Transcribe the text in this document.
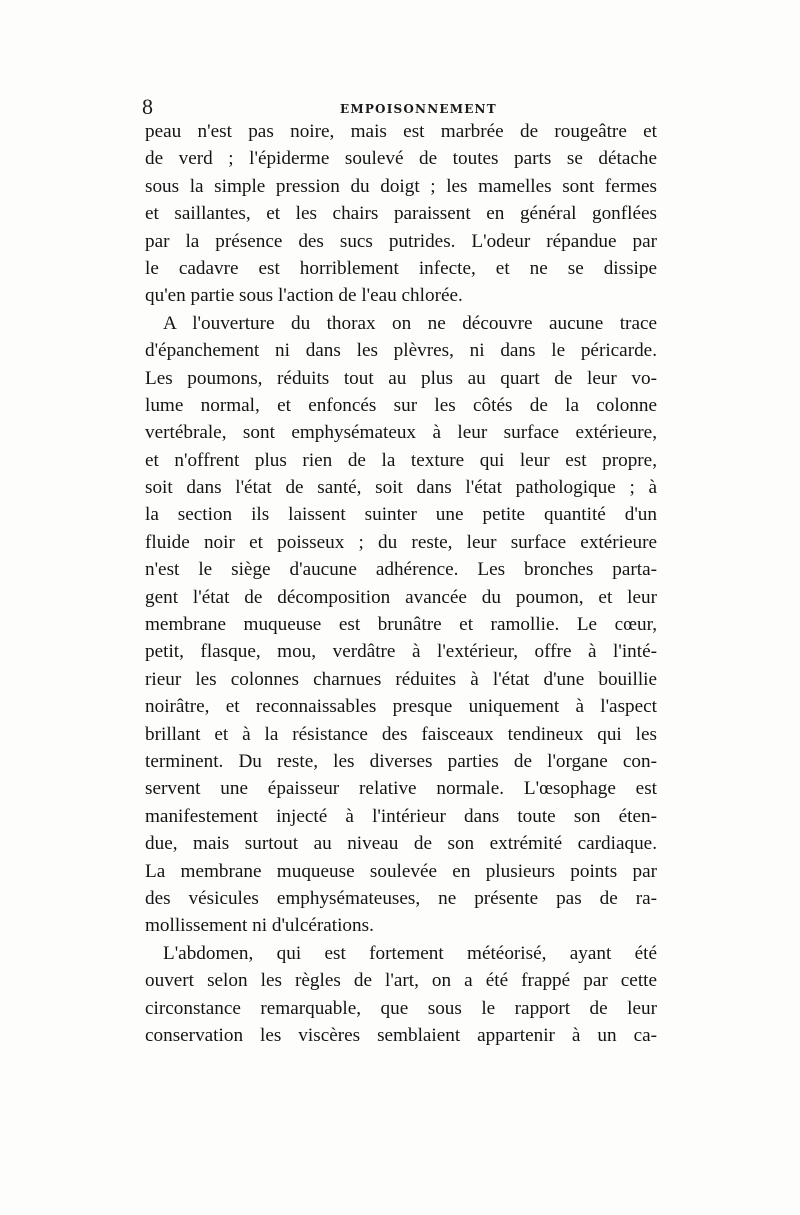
8	EMPOISONNEMENT
peau n'est pas noire, mais est marbrée de rougeâtre et
de verd ; l'épiderme soulevé de toutes parts se détache
sous la simple pression du doigt ; les mamelles sont fermes
et saillantes, et les chairs paraissent en général gonflées
par la présence des sucs putrides. L'odeur répandue par
le cadavre est horriblement infecte, et ne se dissipe
qu'en partie sous l'action de l'eau chlorée.
A l'ouverture du thorax on ne découvre aucune trace
d'épanchement ni dans les plèvres, ni dans le péricarde.
Les poumons, réduits tout au plus au quart de leur vo-
lume normal, et enfoncés sur les côtés de la colonne
vertébrale, sont emphysémateux à leur surface extérieure,
et n'offrent plus rien de la texture qui leur est propre,
soit dans l'état de santé, soit dans l'état pathologique ; à
la section ils laissent suinter une petite quantité d'un
fluide noir et poisseux ; du reste, leur surface extérieure
n'est le siège d'aucune adhérence. Les bronches parta-
gent l'état de décomposition avancée du poumon, et leur
membrane muqueuse est brunâtre et ramollie. Le cœur,
petit, flasque, mou, verdâtre à l'extérieur, offre à l'inté-
rieur les colonnes charnues réduites à l'état d'une bouillie
noirâtre, et reconnaissables presque uniquement à l'aspect
brillant et à la résistance des faisceaux tendineux qui les
terminent. Du reste, les diverses parties de l'organe con-
servent une épaisseur relative normale. L'œsophage est
manifestement injecté à l'intérieur dans toute son éten-
due, mais surtout au niveau de son extrémité cardiaque.
La membrane muqueuse soulevée en plusieurs points par
des vésicules emphysémateuses, ne présente pas de ra-
mollissement ni d'ulcérations.
L'abdomen, qui est fortement météorisé, ayant été
ouvert selon les règles de l'art, on a été frappé par cette
circonstance remarquable, que sous le rapport de leur
conservation les viscères semblaient appartenir à un ca-
